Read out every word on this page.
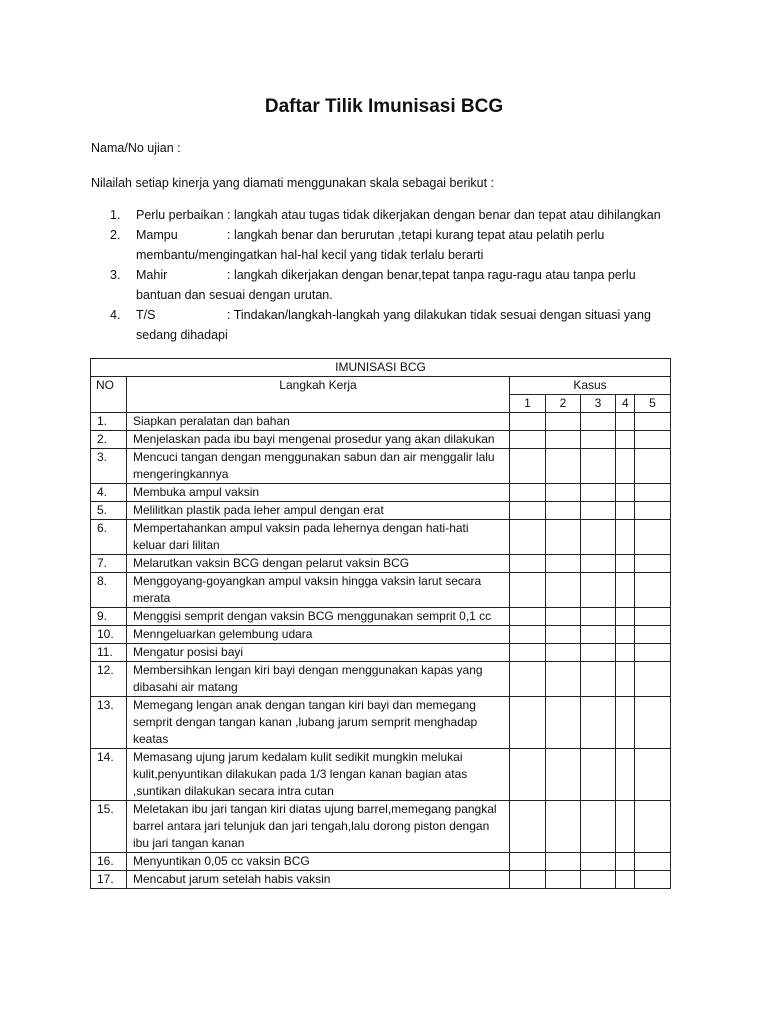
Daftar Tilik Imunisasi BCG
Nama/No ujian :
Nilailah setiap kinerja yang diamati menggunakan skala sebagai berikut :
1.	Perlu perbaikan : langkah atau tugas tidak dikerjakan dengan benar dan tepat atau dihilangkan
2.	Mampu	: langkah benar dan berurutan ,tetapi kurang tepat atau pelatih perlu membantu/mengingatkan hal-hal kecil yang tidak terlalu berarti
3.	Mahir	: langkah dikerjakan dengan benar,tepat tanpa ragu-ragu atau tanpa perlu bantuan dan sesuai dengan urutan.
4.	T/S	: Tindakan/langkah-langkah yang dilakukan tidak sesuai dengan situasi yang sedang dihadapi
IMUNISASI BCG						
NO	Langkah Kerja	Kasus				
		1	2	3	4	5
1.	Siapkan peralatan dan bahan					
2.	Menjelaskan pada ibu bayi mengenai prosedur yang akan dilakukan					
3.	Mencuci tangan dengan menggunakan sabun dan air menggalir lalu mengeringkannya					
4.	Membuka ampul vaksin					
5.	Melilitkan plastik pada leher ampul dengan erat					
6.	Mempertahankan ampul vaksin pada lehernya dengan hati-hati keluar dari lilitan					
7.	Melarutkan vaksin BCG dengan pelarut vaksin BCG					
8.	Menggoyang-goyangkan ampul vaksin hingga vaksin larut secara merata					
9.	Menggisi semprit dengan vaksin BCG menggunakan semprit 0,1 cc					
10.	Menngeluarkan gelembung udara					
11.	Mengatur posisi bayi					
12.	Membersihkan lengan kiri bayi dengan menggunakan kapas yang dibasahi air matang					
13.	Memegang lengan anak dengan tangan kiri bayi dan memegang semprit dengan tangan kanan ,lubang jarum semprit menghadap keatas					
14.	Memasang ujung jarum kedalam kulit sedikit mungkin melukai kulit,penyuntikan dilakukan pada 1/3 lengan kanan bagian atas ,suntikan dilakukan secara intra cutan					
15.	Meletakan ibu jari tangan kiri diatas ujung barrel,memegang pangkal barrel antara jari telunjuk dan jari tengah,lalu dorong piston dengan ibu jari tangan kanan					
16.	Menyuntikan 0,05 cc vaksin BCG					
17.	Mencabut jarum setelah habis vaksin					
